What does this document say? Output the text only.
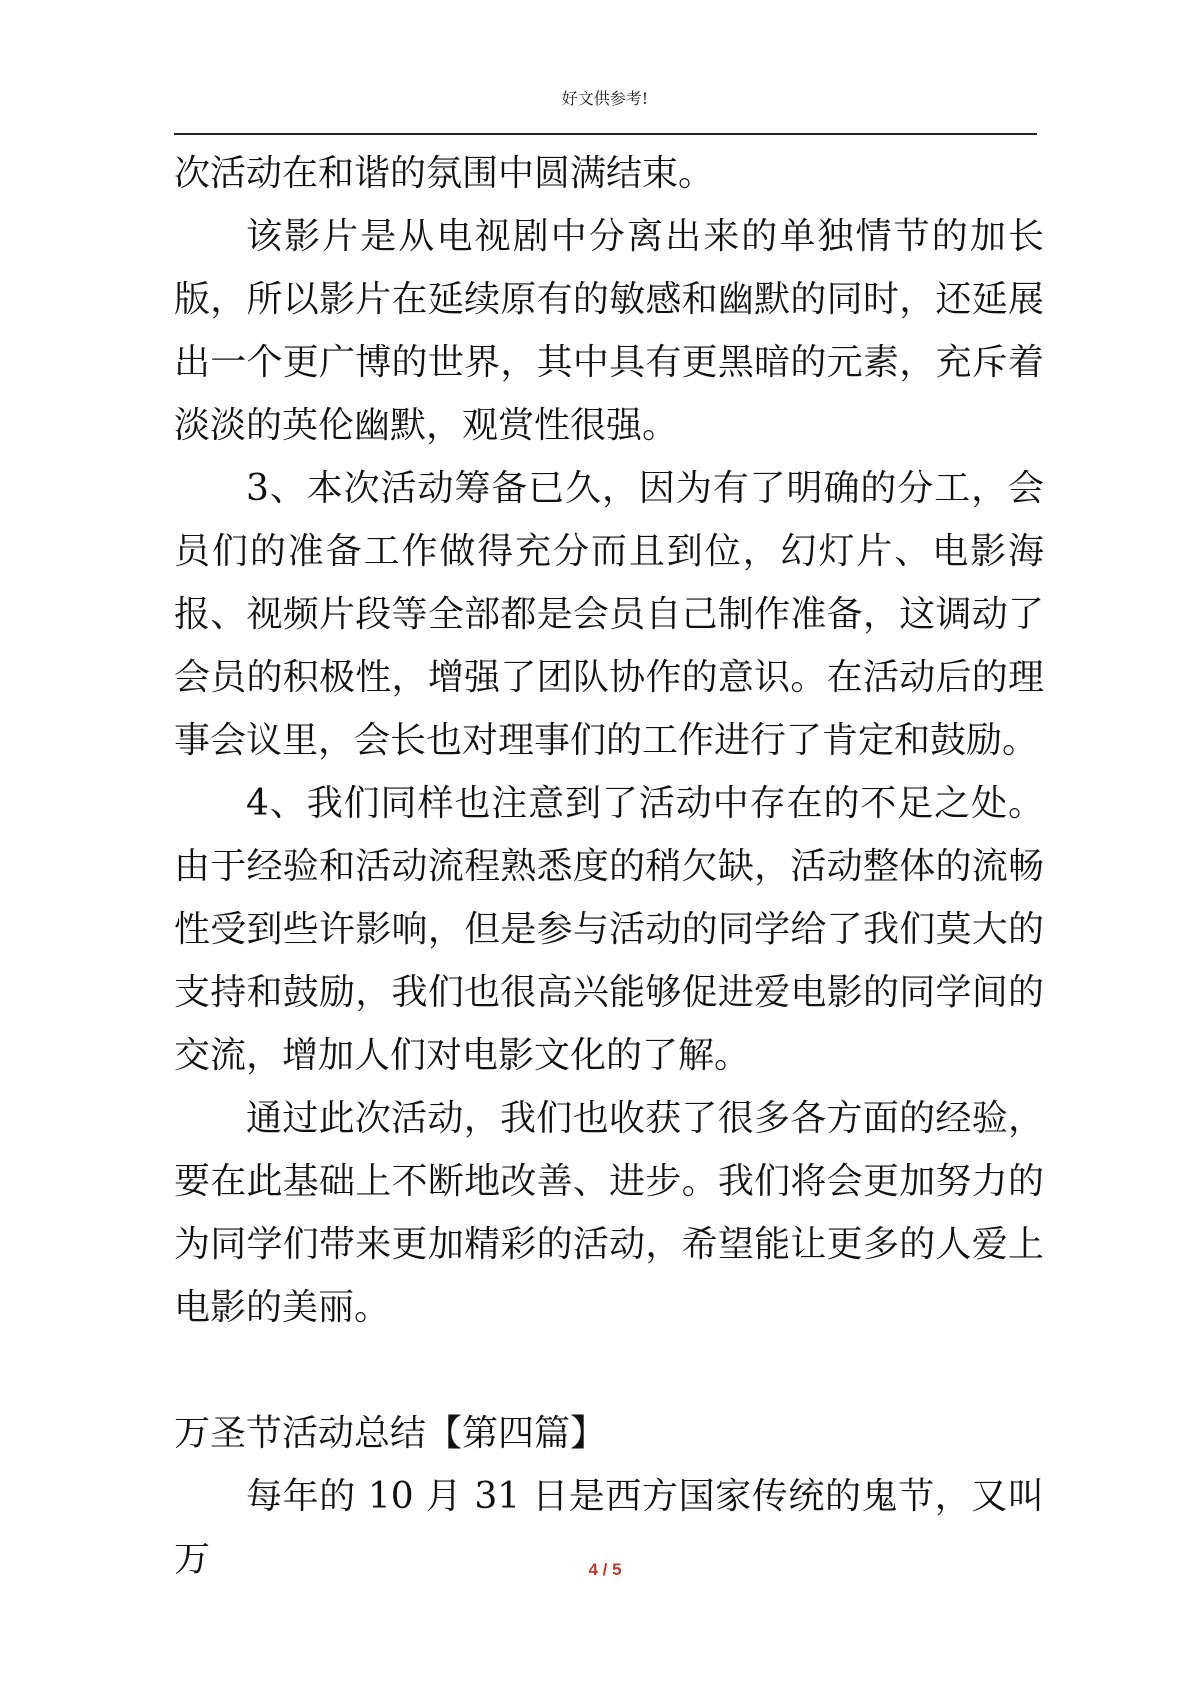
好文供参考!

次活动在和谐的氛围中圆满结束。

该影片是从电视剧中分离出来的单独情节的加长版，所以影片在延续原有的敏感和幽默的同时，还延展出一个更广博的世界，其中具有更黑暗的元素，充斥着淡淡的英伦幽默，观赏性很强。

3、本次活动筹备已久，因为有了明确的分工，会员们的准备工作做得充分而且到位，幻灯片、电影海报、视频片段等全部都是会员自己制作准备，这调动了会员的积极性，增强了团队协作的意识。在活动后的理事会议里，会长也对理事们的工作进行了肯定和鼓励。

4、我们同样也注意到了活动中存在的不足之处。由于经验和活动流程熟悉度的稍欠缺，活动整体的流畅性受到些许影响，但是参与活动的同学给了我们莫大的支持和鼓励，我们也很高兴能够促进爱电影的同学间的交流，增加人们对电影文化的了解。

通过此次活动，我们也收获了很多各方面的经验，要在此基础上不断地改善、进步。我们将会更加努力的为同学们带来更加精彩的活动，希望能让更多的人爱上电影的美丽。

万圣节活动总结【第四篇】

每年的 10 月 31 日是西方国家传统的鬼节，又叫万	4 / 5
